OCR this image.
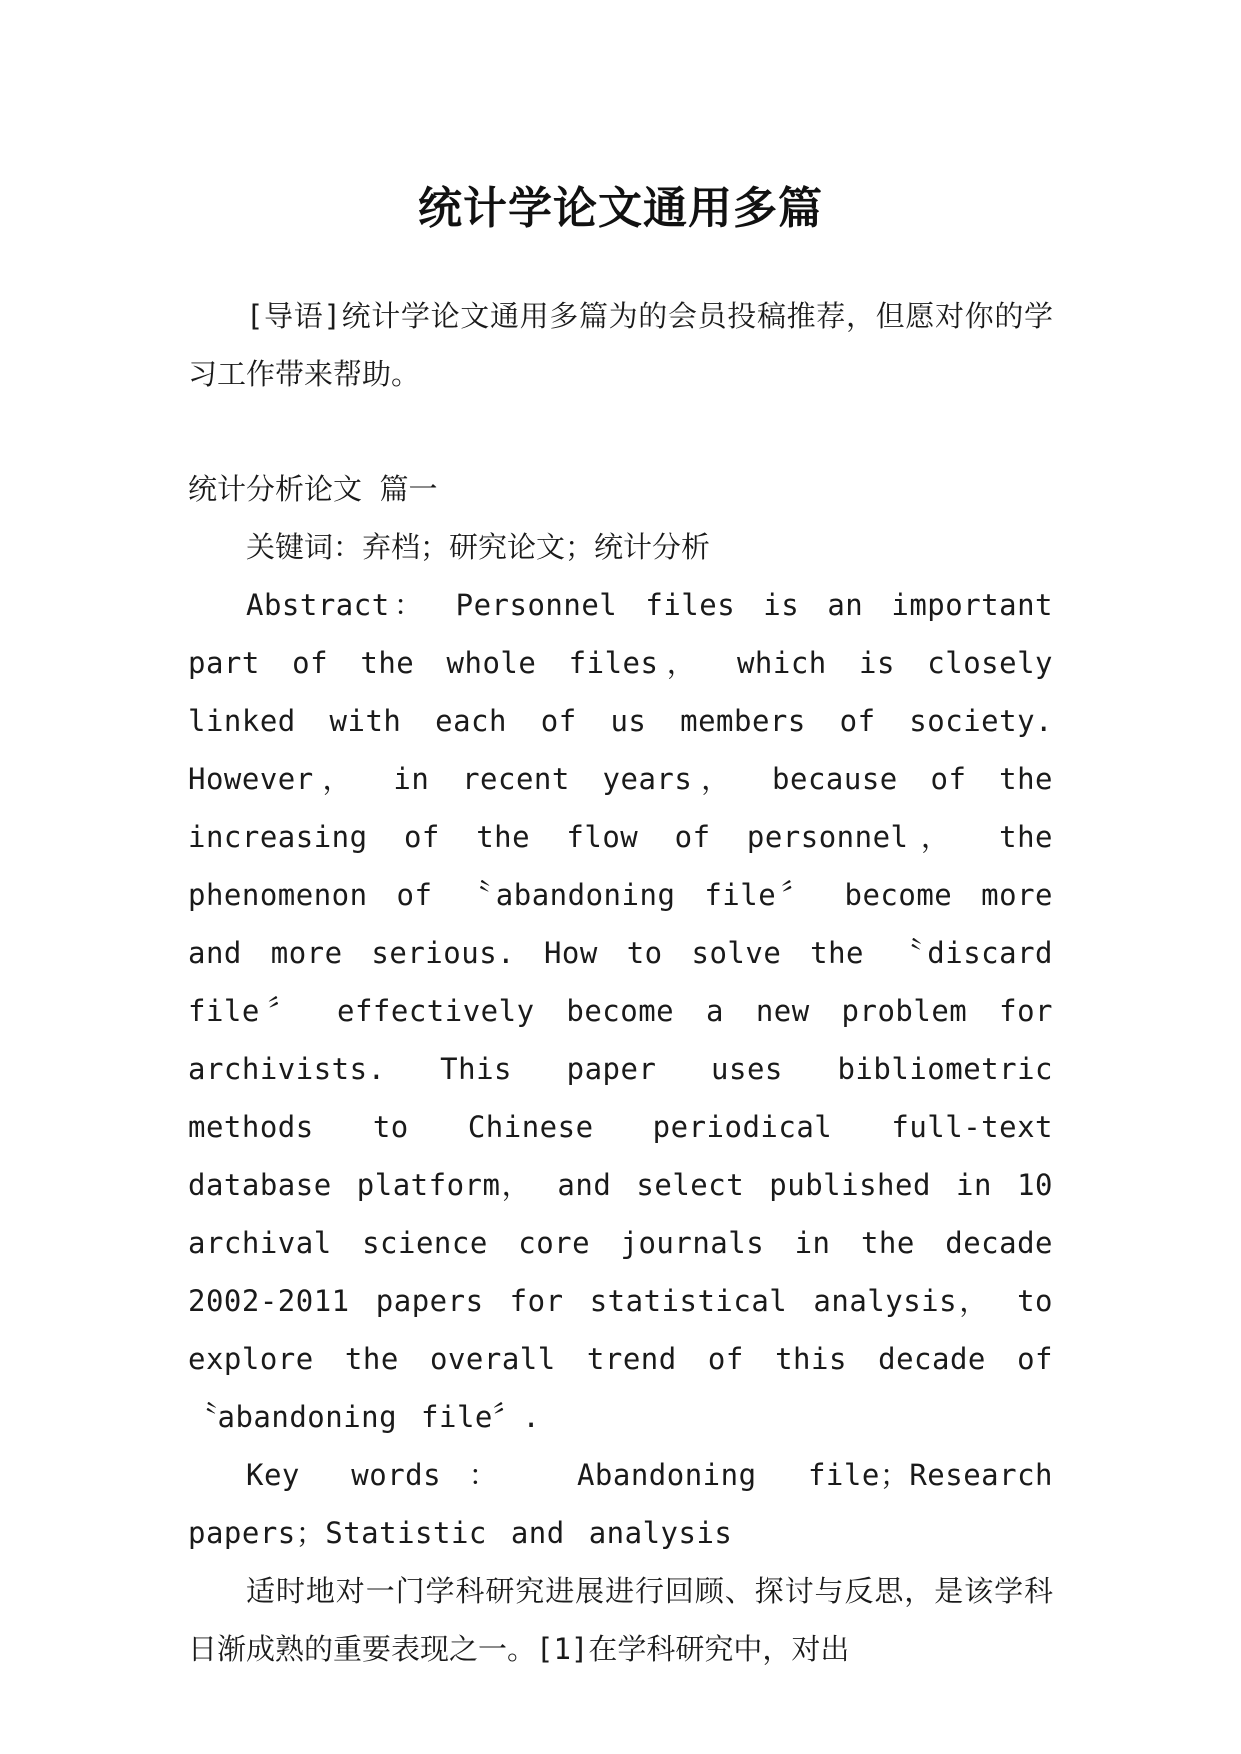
统计学论文通用多篇

[导语]统计学论文通用多篇为的会员投稿推荐，但愿对你的学习工作带来帮助。

统计分析论文 篇一

关键词：弃档；研究论文；统计分析

Abstract： Personnel files is an important part of the whole files， which is closely linked with each of us members of society. However， in recent years， because of the increasing of the flow of personnel， the phenomenon of 〝abandoning file〞 become more and more serious. How to solve the 〝discard file〞 effectively become a new problem for archivists. This paper uses bibliometric methods to Chinese periodical full-text database platform， and select published in 10 archival science core journals in the decade 2002-2011 papers for statistical analysis， to explore the overall trend of this decade of 〝abandoning file〞.

Key words： Abandoning file；Research papers；Statistic and analysis

适时地对一门学科研究进展进行回顾、探讨与反思，是该学科日渐成熟的重要表现之一。[1]在学科研究中，对出
